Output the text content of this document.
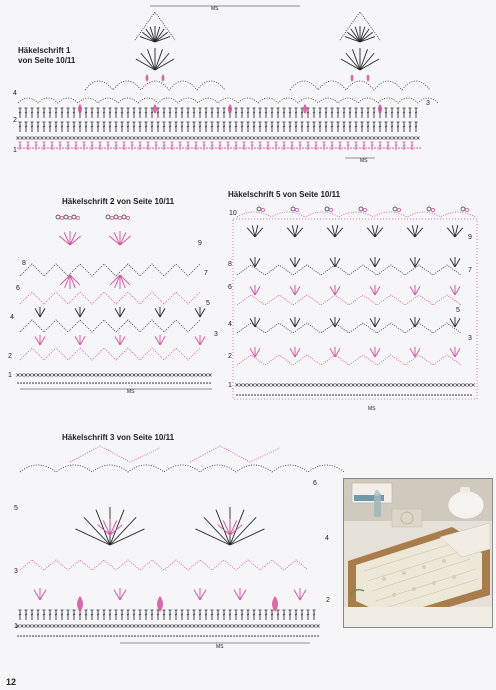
Häkelschrift 1
von Seite 10/11
MS
MS
4
3
2
1
Häkelschrift 2 von Seite 10/11
MS
9
8
7
6
5
4
3
2
1
Häkelschrift 5 von Seite 10/11
MS
10
9
8
7
6
5
4
3
2
1
Häkelschrift 3 von Seite 10/11
MS
6
5
4
3
2
1
12
